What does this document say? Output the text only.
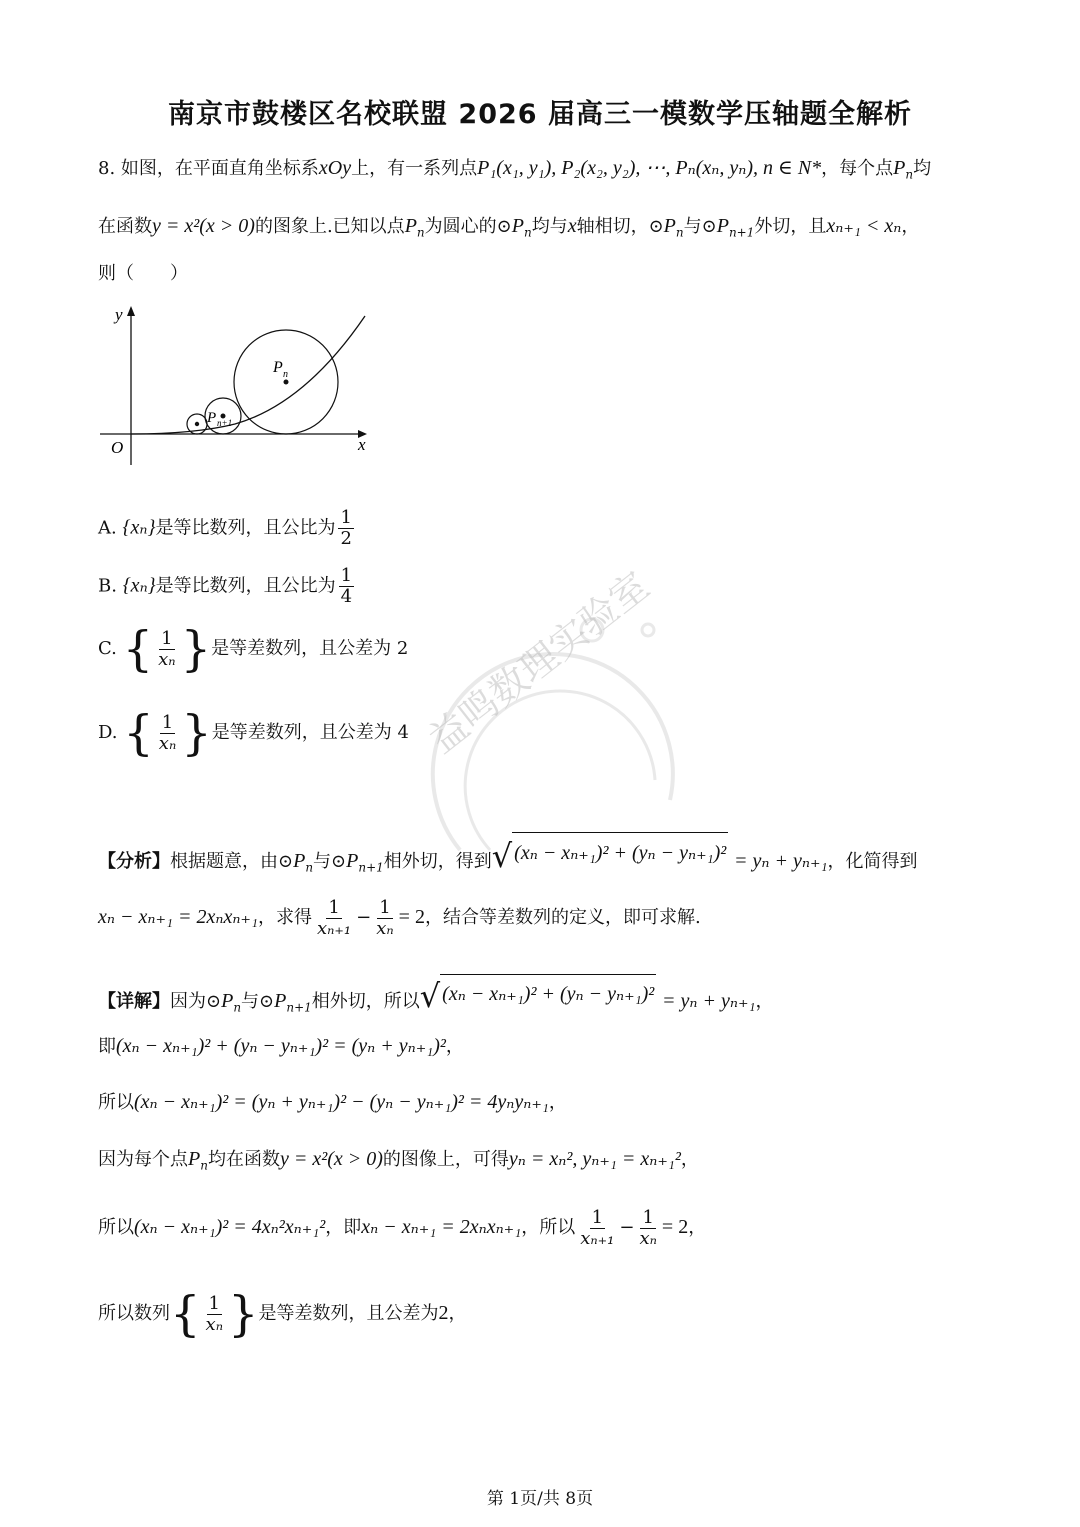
南京市鼓楼区名校联盟 2026 届高三一模数学压轴题全解析
8. 如图，在平面直角坐标系xOy上，有一系列点P₁(x₁, y₁), P₂(x₂, y₂), ⋯, Pₙ(xₙ, yₙ), n ∈ N*，每个点$P_n$均
在函数y = x²(x > 0)的图象上.已知以点$P_n$为圆心的$⊙P_n$均与x轴相切，$⊙P_n$与$⊙P_{n+1}$外切，且xₙ₊₁ < xₙ，
则（　　）
y
x
O
P n
P n+1
A. {xₙ}是等比数列，且公比为 $\frac{1}{2}$
B. {xₙ}是等比数列，且公比为 $\frac{1}{4}$
C. { $\frac{1}{\text{xₙ}}$ }是等差数列，且公差为 2
D. { $\frac{1}{\text{xₙ}}$ }是等差数列，且公差为 4 益鸣数理实验室
【分析】根据题意，由$⊙P_n$与$⊙P_{n+1}$相外切，得到 √ (xₙ − xₙ₊₁)² + (yₙ − yₙ₊₁)² = yₙ + yₙ₊₁，化简得到
xₙ − xₙ₊₁ = 2xₙxₙ₊₁，求得 $\frac{1}{\text{xₙ₊₁}} - \frac{1}{\text{xₙ}} = 2$，结合等差数列的定义，即可求解.
【详解】因为$⊙P_n$与$⊙P_{n+1}$相外切，所以 √ (xₙ − xₙ₊₁)² + (yₙ − yₙ₊₁)² = yₙ + yₙ₊₁，
即(xₙ − xₙ₊₁)² + (yₙ − yₙ₊₁)² = (yₙ + yₙ₊₁)²，
所以(xₙ − xₙ₊₁)² = (yₙ + yₙ₊₁)² − (yₙ − yₙ₊₁)² = 4yₙyₙ₊₁，
因为每个点$P_n$均在函数y = x²(x > 0)的图像上，可得yₙ = xₙ², yₙ₊₁ = xₙ₊₁²，
所以(xₙ − xₙ₊₁)² = 4xₙ²xₙ₊₁²，即xₙ − xₙ₊₁ = 2xₙxₙ₊₁，所以 $\frac{1}{\text{xₙ₊₁}} - \frac{1}{\text{xₙ}} = 2$，
所以数列{ $\frac{1}{\text{xₙ}}$ }是等差数列，且公差为2，
第 1页/共 8页
